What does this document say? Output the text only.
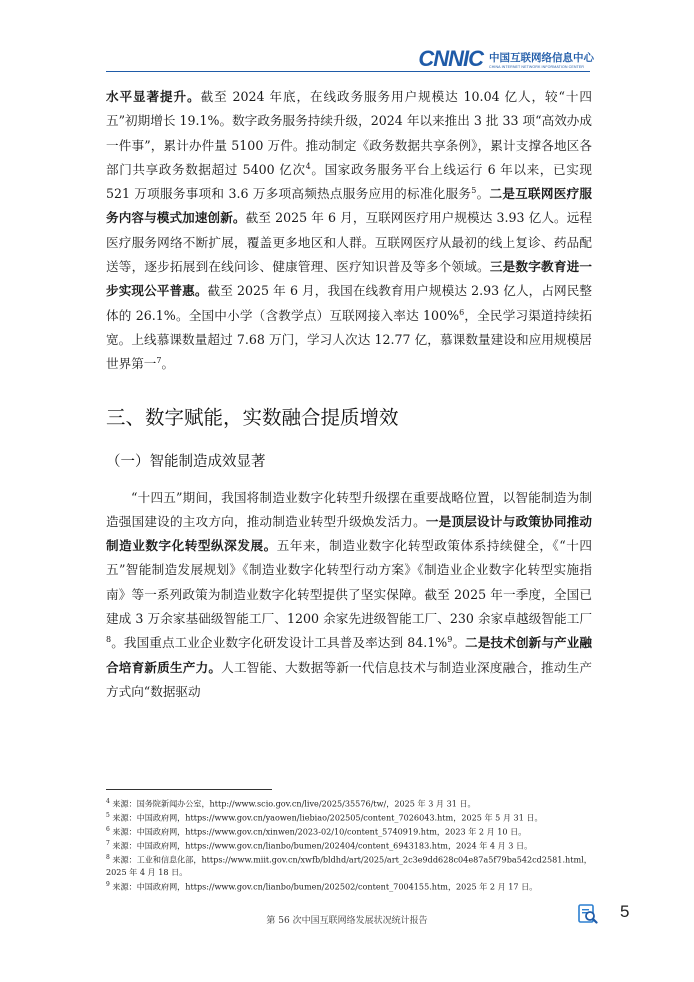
CNNIC 中国互联网络信息中心
CHINA INTERNET NETWORK INFORMATION CENTER

水平显著提升。截至 2024 年底，在线政务服务用户规模达 10.04 亿人，较“十四五”初期增长 19.1%。数字政务服务持续升级，2024 年以来推出 3 批 33 项“高效办成一件事”，累计办件量 5100 万件。推动制定《政务数据共享条例》，累计支撑各地区各部门共享政务数据超过 5400 亿次$^4$。国家政务服务平台上线运行 6 年以来，已实现 521 万项服务事项和 3.6 万多项高频热点服务应用的标准化服务$^5$。二是互联网医疗服务内容与模式加速创新。截至 2025 年 6 月，互联网医疗用户规模达 3.93 亿人。远程医疗服务网络不断扩展，覆盖更多地区和人群。互联网医疗从最初的线上复诊、药品配送等，逐步拓展到在线问诊、健康管理、医疗知识普及等多个领域。三是数字教育进一步实现公平普惠。截至 2025 年 6 月，我国在线教育用户规模达 2.93 亿人，占网民整体的 26.1%。全国中小学（含教学点）互联网接入率达 100%$^6$，全民学习渠道持续拓宽。上线慕课数量超过 7.68 万门，学习人次达 12.77 亿，慕课数量建设和应用规模居世界第一$^7$。

三、数字赋能，实数融合提质增效
（一）智能制造成效显著

“十四五”期间，我国将制造业数字化转型升级摆在重要战略位置，以智能制造为制造强国建设的主攻方向，推动制造业转型升级焕发活力。一是顶层设计与政策协同推动制造业数字化转型纵深发展。五年来，制造业数字化转型政策体系持续健全，《“十四五”智能制造发展规划》《制造业数字化转型行动方案》《制造业企业数字化转型实施指南》等一系列政策为制造业数字化转型提供了坚实保障。截至 2025 年一季度，全国已建成 3 万余家基础级智能工厂、1200 余家先进级智能工厂、230 余家卓越级智能工厂$^8$。我国重点工业企业数字化研发设计工具普及率达到 84.1%$^9$。二是技术创新与产业融合培育新质生产力。人工智能、大数据等新一代信息技术与制造业深度融合，推动生产方式向“数据驱动

$^4$ 来源：国务院新闻办公室，http://www.scio.gov.cn/live/2025/35576/tw/，2025 年 3 月 31 日。

$^5$ 来源：中国政府网，https://www.gov.cn/yaowen/liebiao/202505/content_7026043.htm，2025 年 5 月 31 日。

$^6$ 来源：中国政府网，https://www.gov.cn/xinwen/2023-02/10/content_5740919.htm，2023 年 2 月 10 日。

$^7$ 来源：中国政府网，https://www.gov.cn/lianbo/bumen/202404/content_6943183.htm，2024 年 4 月 3 日。

$^8$ 来源：工业和信息化部，https://www.miit.gov.cn/xwfb/bldhd/art/2025/art_2c3e9dd628c04e87a5f79ba542cd2581.html，2025 年 4 月 18 日。

$^9$ 来源：中国政府网，https://www.gov.cn/lianbo/bumen/202502/content_7004155.htm，2025 年 2 月 17 日。

第 56 次中国互联网络发展状况统计报告	5
